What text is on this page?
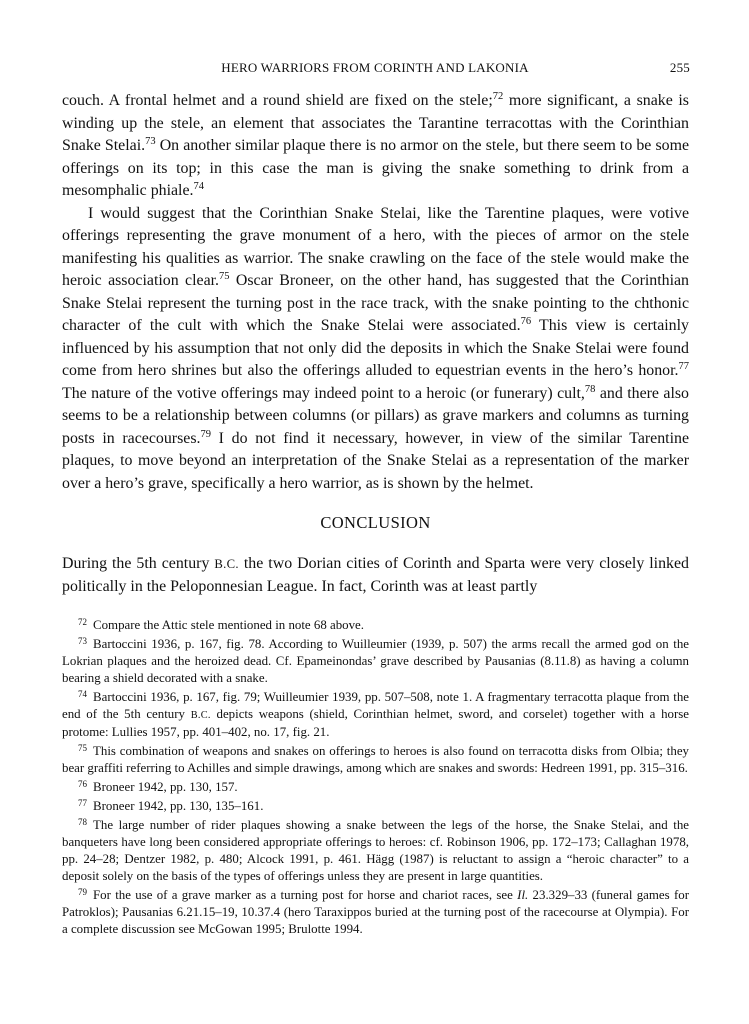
HERO WARRIORS FROM CORINTH AND LAKONIA	255

couch. A frontal helmet and a round shield are fixed on the stele;$^{72}$ more significant, a snake is winding up the stele, an element that associates the Tarantine terracottas with the Corinthian Snake Stelai.$^{73}$ On another similar plaque there is no armor on the stele, but there seem to be some offerings on its top; in this case the man is giving the snake something to drink from a mesomphalic phiale.$^{74}$

I would suggest that the Corinthian Snake Stelai, like the Tarentine plaques, were votive offerings representing the grave monument of a hero, with the pieces of armor on the stele manifesting his qualities as warrior. The snake crawling on the face of the stele would make the heroic association clear.$^{75}$ Oscar Broneer, on the other hand, has suggested that the Corinthian Snake Stelai represent the turning post in the race track, with the snake pointing to the chthonic character of the cult with which the Snake Stelai were associated.$^{76}$ This view is certainly influenced by his assumption that not only did the deposits in which the Snake Stelai were found come from hero shrines but also the offerings alluded to equestrian events in the hero’s honor.$^{77}$ The nature of the votive offerings may indeed point to a heroic (or funerary) cult,$^{78}$ and there also seems to be a relationship between columns (or pillars) as grave markers and columns as turning posts in racecourses.$^{79}$ I do not find it necessary, however, in view of the similar Tarentine plaques, to move beyond an interpretation of the Snake Stelai as a representation of the marker over a hero’s grave, specifically a hero warrior, as is shown by the helmet.

CONCLUSION

During the 5th century B.C. the two Dorian cities of Corinth and Sparta were very closely linked politically in the Peloponnesian League. In fact, Corinth was at least partly

$^{72}$ Compare the Attic stele mentioned in note 68 above.

$^{73}$ Bartoccini 1936, p. 167, fig. 78. According to Wuilleumier (1939, p. 507) the arms recall the armed god on the Lokrian plaques and the heroized dead. Cf. Epameinondas’ grave described by Pausanias (8.11.8) as having a column bearing a shield decorated with a snake.

$^{74}$ Bartoccini 1936, p. 167, fig. 79; Wuilleumier 1939, pp. 507–508, note 1. A fragmentary terracotta plaque from the end of the 5th century B.C. depicts weapons (shield, Corinthian helmet, sword, and corselet) together with a horse protome: Lullies 1957, pp. 401–402, no. 17, fig. 21.

$^{75}$ This combination of weapons and snakes on offerings to heroes is also found on terracotta disks from Olbia; they bear graffiti referring to Achilles and simple drawings, among which are snakes and swords: Hedreen 1991, pp. 315–316.

$^{76}$ Broneer 1942, pp. 130, 157.

$^{77}$ Broneer 1942, pp. 130, 135–161.

$^{78}$ The large number of rider plaques showing a snake between the legs of the horse, the Snake Stelai, and the banqueters have long been considered appropriate offerings to heroes: cf. Robinson 1906, pp. 172–173; Callaghan 1978, pp. 24–28; Dentzer 1982, p. 480; Alcock 1991, p. 461. Hägg (1987) is reluctant to assign a “heroic character” to a deposit solely on the basis of the types of offerings unless they are present in large quantities.

$^{79}$ For the use of a grave marker as a turning post for horse and chariot races, see Il. 23.329–33 (funeral games for Patroklos); Pausanias 6.21.15–19, 10.37.4 (hero Taraxippos buried at the turning post of the racecourse at Olympia). For a complete discussion see McGowan 1995; Brulotte 1994.
